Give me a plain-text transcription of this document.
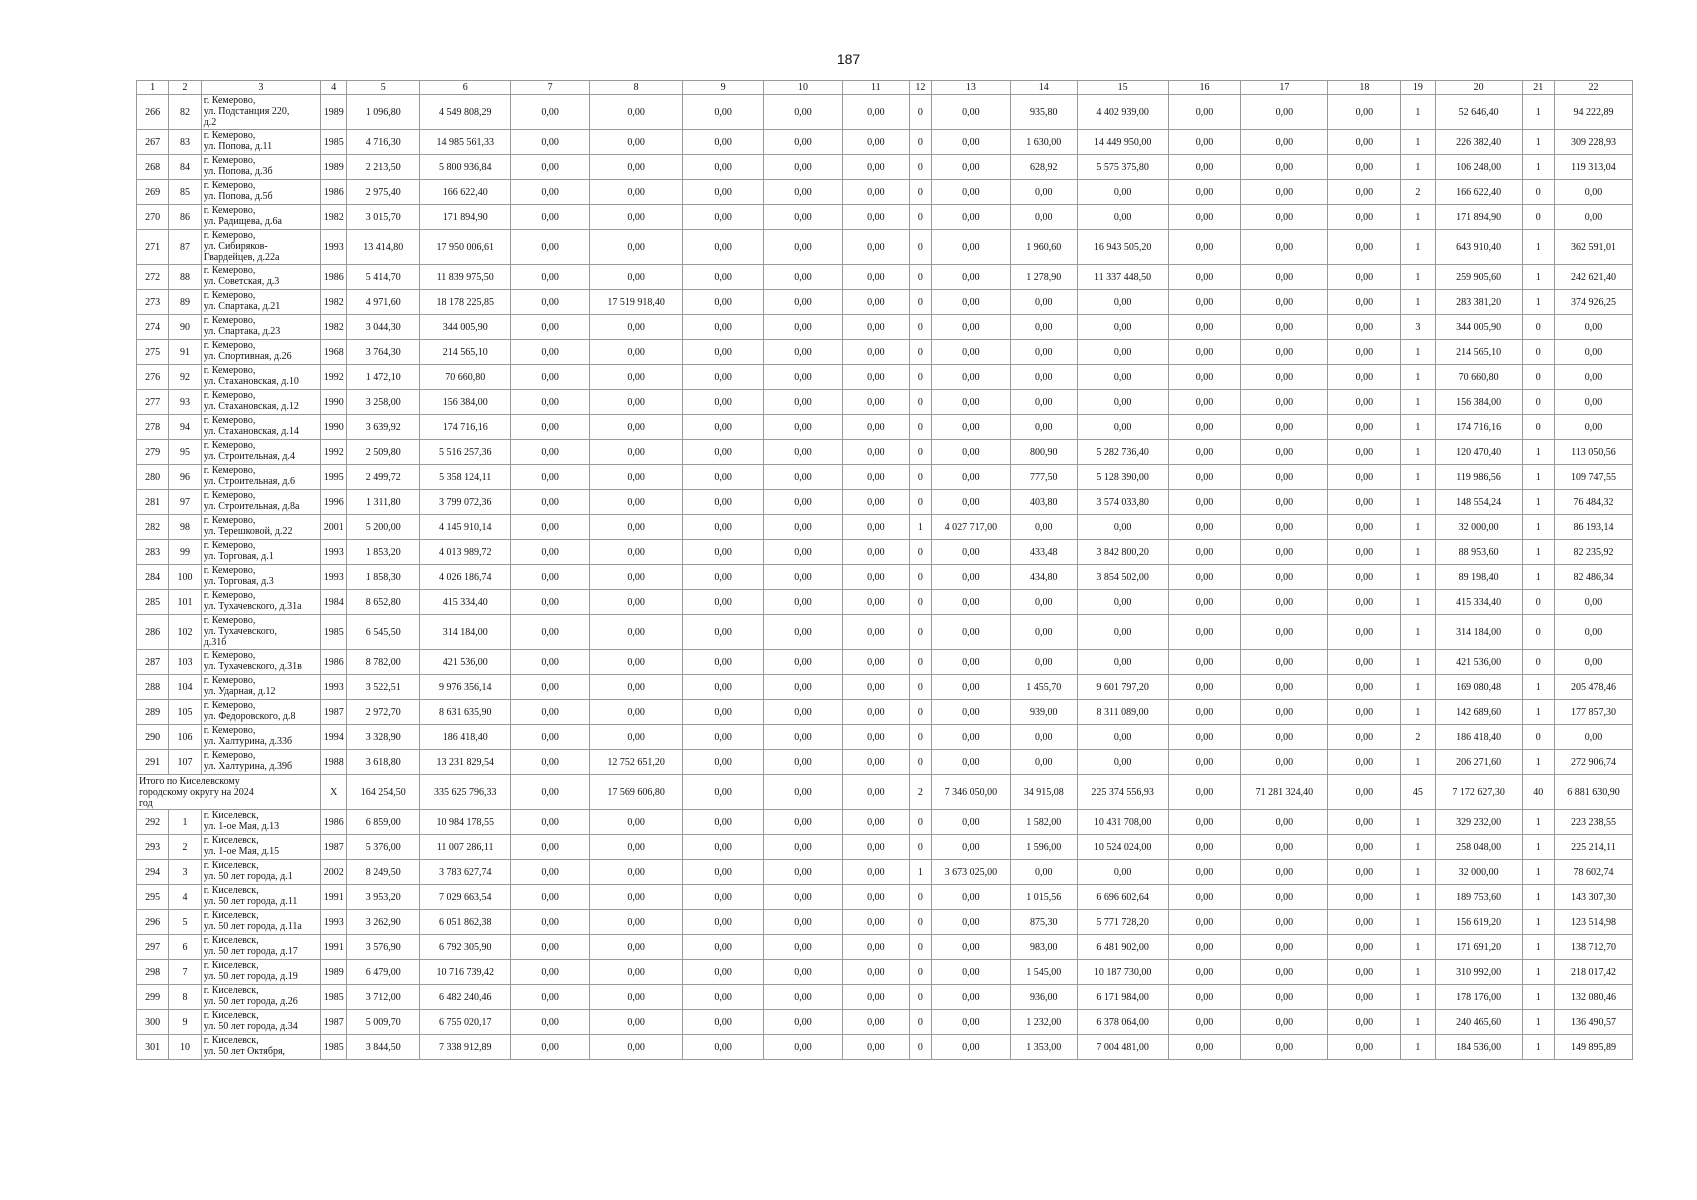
187
1	2	3	4	5	6	7	8	9	10	11	12	13	14	15	16	17	18	19	20	21	22
266	82	г. Кемерово,
ул. Подстанция 220,
д.2	1989	1 096,80	4 549 808,29	0,00	0,00	0,00	0,00	0,00	0	0,00	935,80	4 402 939,00	0,00	0,00	0,00	1	52 646,40	1	94 222,89
267	83	г. Кемерово,
ул. Попова, д.11	1985	4 716,30	14 985 561,33	0,00	0,00	0,00	0,00	0,00	0	0,00	1 630,00	14 449 950,00	0,00	0,00	0,00	1	226 382,40	1	309 228,93
268	84	г. Кемерово,
ул. Попова, д.3б	1989	2 213,50	5 800 936,84	0,00	0,00	0,00	0,00	0,00	0	0,00	628,92	5 575 375,80	0,00	0,00	0,00	1	106 248,00	1	119 313,04
269	85	г. Кемерово,
ул. Попова, д.5б	1986	2 975,40	166 622,40	0,00	0,00	0,00	0,00	0,00	0	0,00	0,00	0,00	0,00	0,00	0,00	2	166 622,40	0	0,00
270	86	г. Кемерово,
ул. Радищева, д.6а	1982	3 015,70	171 894,90	0,00	0,00	0,00	0,00	0,00	0	0,00	0,00	0,00	0,00	0,00	0,00	1	171 894,90	0	0,00
271	87	г. Кемерово,
ул. Сибиряков-
Гвардейцев, д.22а	1993	13 414,80	17 950 006,61	0,00	0,00	0,00	0,00	0,00	0	0,00	1 960,60	16 943 505,20	0,00	0,00	0,00	1	643 910,40	1	362 591,01
272	88	г. Кемерово,
ул. Советская, д.3	1986	5 414,70	11 839 975,50	0,00	0,00	0,00	0,00	0,00	0	0,00	1 278,90	11 337 448,50	0,00	0,00	0,00	1	259 905,60	1	242 621,40
273	89	г. Кемерово,
ул. Спартака, д.21	1982	4 971,60	18 178 225,85	0,00	17 519 918,40	0,00	0,00	0,00	0	0,00	0,00	0,00	0,00	0,00	0,00	1	283 381,20	1	374 926,25
274	90	г. Кемерово,
ул. Спартака, д.23	1982	3 044,30	344 005,90	0,00	0,00	0,00	0,00	0,00	0	0,00	0,00	0,00	0,00	0,00	0,00	3	344 005,90	0	0,00
275	91	г. Кемерово,
ул. Спортивная, д.26	1968	3 764,30	214 565,10	0,00	0,00	0,00	0,00	0,00	0	0,00	0,00	0,00	0,00	0,00	0,00	1	214 565,10	0	0,00
276	92	г. Кемерово,
ул. Стахановская, д.10	1992	1 472,10	70 660,80	0,00	0,00	0,00	0,00	0,00	0	0,00	0,00	0,00	0,00	0,00	0,00	1	70 660,80	0	0,00
277	93	г. Кемерово,
ул. Стахановская, д.12	1990	3 258,00	156 384,00	0,00	0,00	0,00	0,00	0,00	0	0,00	0,00	0,00	0,00	0,00	0,00	1	156 384,00	0	0,00
278	94	г. Кемерово,
ул. Стахановская, д.14	1990	3 639,92	174 716,16	0,00	0,00	0,00	0,00	0,00	0	0,00	0,00	0,00	0,00	0,00	0,00	1	174 716,16	0	0,00
279	95	г. Кемерово,
ул. Строительная, д.4	1992	2 509,80	5 516 257,36	0,00	0,00	0,00	0,00	0,00	0	0,00	800,90	5 282 736,40	0,00	0,00	0,00	1	120 470,40	1	113 050,56
280	96	г. Кемерово,
ул. Строительная, д.6	1995	2 499,72	5 358 124,11	0,00	0,00	0,00	0,00	0,00	0	0,00	777,50	5 128 390,00	0,00	0,00	0,00	1	119 986,56	1	109 747,55
281	97	г. Кемерово,
ул. Строительная, д.8а	1996	1 311,80	3 799 072,36	0,00	0,00	0,00	0,00	0,00	0	0,00	403,80	3 574 033,80	0,00	0,00	0,00	1	148 554,24	1	76 484,32
282	98	г. Кемерово,
ул. Терешковой, д.22	2001	5 200,00	4 145 910,14	0,00	0,00	0,00	0,00	0,00	1	4 027 717,00	0,00	0,00	0,00	0,00	0,00	1	32 000,00	1	86 193,14
283	99	г. Кемерово,
ул. Торговая, д.1	1993	1 853,20	4 013 989,72	0,00	0,00	0,00	0,00	0,00	0	0,00	433,48	3 842 800,20	0,00	0,00	0,00	1	88 953,60	1	82 235,92
284	100	г. Кемерово,
ул. Торговая, д.3	1993	1 858,30	4 026 186,74	0,00	0,00	0,00	0,00	0,00	0	0,00	434,80	3 854 502,00	0,00	0,00	0,00	1	89 198,40	1	82 486,34
285	101	г. Кемерово,
ул. Тухачевского, д.31а	1984	8 652,80	415 334,40	0,00	0,00	0,00	0,00	0,00	0	0,00	0,00	0,00	0,00	0,00	0,00	1	415 334,40	0	0,00
286	102	г. Кемерово,
ул. Тухачевского,
д.31б	1985	6 545,50	314 184,00	0,00	0,00	0,00	0,00	0,00	0	0,00	0,00	0,00	0,00	0,00	0,00	1	314 184,00	0	0,00
287	103	г. Кемерово,
ул. Тухачевского, д.31в	1986	8 782,00	421 536,00	0,00	0,00	0,00	0,00	0,00	0	0,00	0,00	0,00	0,00	0,00	0,00	1	421 536,00	0	0,00
288	104	г. Кемерово,
ул. Ударная, д.12	1993	3 522,51	9 976 356,14	0,00	0,00	0,00	0,00	0,00	0	0,00	1 455,70	9 601 797,20	0,00	0,00	0,00	1	169 080,48	1	205 478,46
289	105	г. Кемерово,
ул. Федоровского, д.8	1987	2 972,70	8 631 635,90	0,00	0,00	0,00	0,00	0,00	0	0,00	939,00	8 311 089,00	0,00	0,00	0,00	1	142 689,60	1	177 857,30
290	106	г. Кемерово,
ул. Халтурина, д.33б	1994	3 328,90	186 418,40	0,00	0,00	0,00	0,00	0,00	0	0,00	0,00	0,00	0,00	0,00	0,00	2	186 418,40	0	0,00
291	107	г. Кемерово,
ул. Халтурина, д.39б	1988	3 618,80	13 231 829,54	0,00	12 752 651,20	0,00	0,00	0,00	0	0,00	0,00	0,00	0,00	0,00	0,00	1	206 271,60	1	272 906,74
Итого по Киселевскому
городскому округу на 2024
год			X	164 254,50	335 625 796,33	0,00	17 569 606,80	0,00	0,00	0,00	2	7 346 050,00	34 915,08	225 374 556,93	0,00	71 281 324,40	0,00	45	7 172 627,30	40	6 881 630,90
292	1	г. Киселевск,
ул. 1-ое Мая, д.13	1986	6 859,00	10 984 178,55	0,00	0,00	0,00	0,00	0,00	0	0,00	1 582,00	10 431 708,00	0,00	0,00	0,00	1	329 232,00	1	223 238,55
293	2	г. Киселевск,
ул. 1-ое Мая, д.15	1987	5 376,00	11 007 286,11	0,00	0,00	0,00	0,00	0,00	0	0,00	1 596,00	10 524 024,00	0,00	0,00	0,00	1	258 048,00	1	225 214,11
294	3	г. Киселевск,
ул. 50 лет города, д.1	2002	8 249,50	3 783 627,74	0,00	0,00	0,00	0,00	0,00	1	3 673 025,00	0,00	0,00	0,00	0,00	0,00	1	32 000,00	1	78 602,74
295	4	г. Киселевск,
ул. 50 лет города, д.11	1991	3 953,20	7 029 663,54	0,00	0,00	0,00	0,00	0,00	0	0,00	1 015,56	6 696 602,64	0,00	0,00	0,00	1	189 753,60	1	143 307,30
296	5	г. Киселевск,
ул. 50 лет города, д.11а	1993	3 262,90	6 051 862,38	0,00	0,00	0,00	0,00	0,00	0	0,00	875,30	5 771 728,20	0,00	0,00	0,00	1	156 619,20	1	123 514,98
297	6	г. Киселевск,
ул. 50 лет города, д.17	1991	3 576,90	6 792 305,90	0,00	0,00	0,00	0,00	0,00	0	0,00	983,00	6 481 902,00	0,00	0,00	0,00	1	171 691,20	1	138 712,70
298	7	г. Киселевск,
ул. 50 лет города, д.19	1989	6 479,00	10 716 739,42	0,00	0,00	0,00	0,00	0,00	0	0,00	1 545,00	10 187 730,00	0,00	0,00	0,00	1	310 992,00	1	218 017,42
299	8	г. Киселевск,
ул. 50 лет города, д.26	1985	3 712,00	6 482 240,46	0,00	0,00	0,00	0,00	0,00	0	0,00	936,00	6 171 984,00	0,00	0,00	0,00	1	178 176,00	1	132 080,46
300	9	г. Киселевск,
ул. 50 лет города, д.34	1987	5 009,70	6 755 020,17	0,00	0,00	0,00	0,00	0,00	0	0,00	1 232,00	6 378 064,00	0,00	0,00	0,00	1	240 465,60	1	136 490,57
301	10	г. Киселевск,
ул. 50 лет Октября,	1985	3 844,50	7 338 912,89	0,00	0,00	0,00	0,00	0,00	0	0,00	1 353,00	7 004 481,00	0,00	0,00	0,00	1	184 536,00	1	149 895,89
